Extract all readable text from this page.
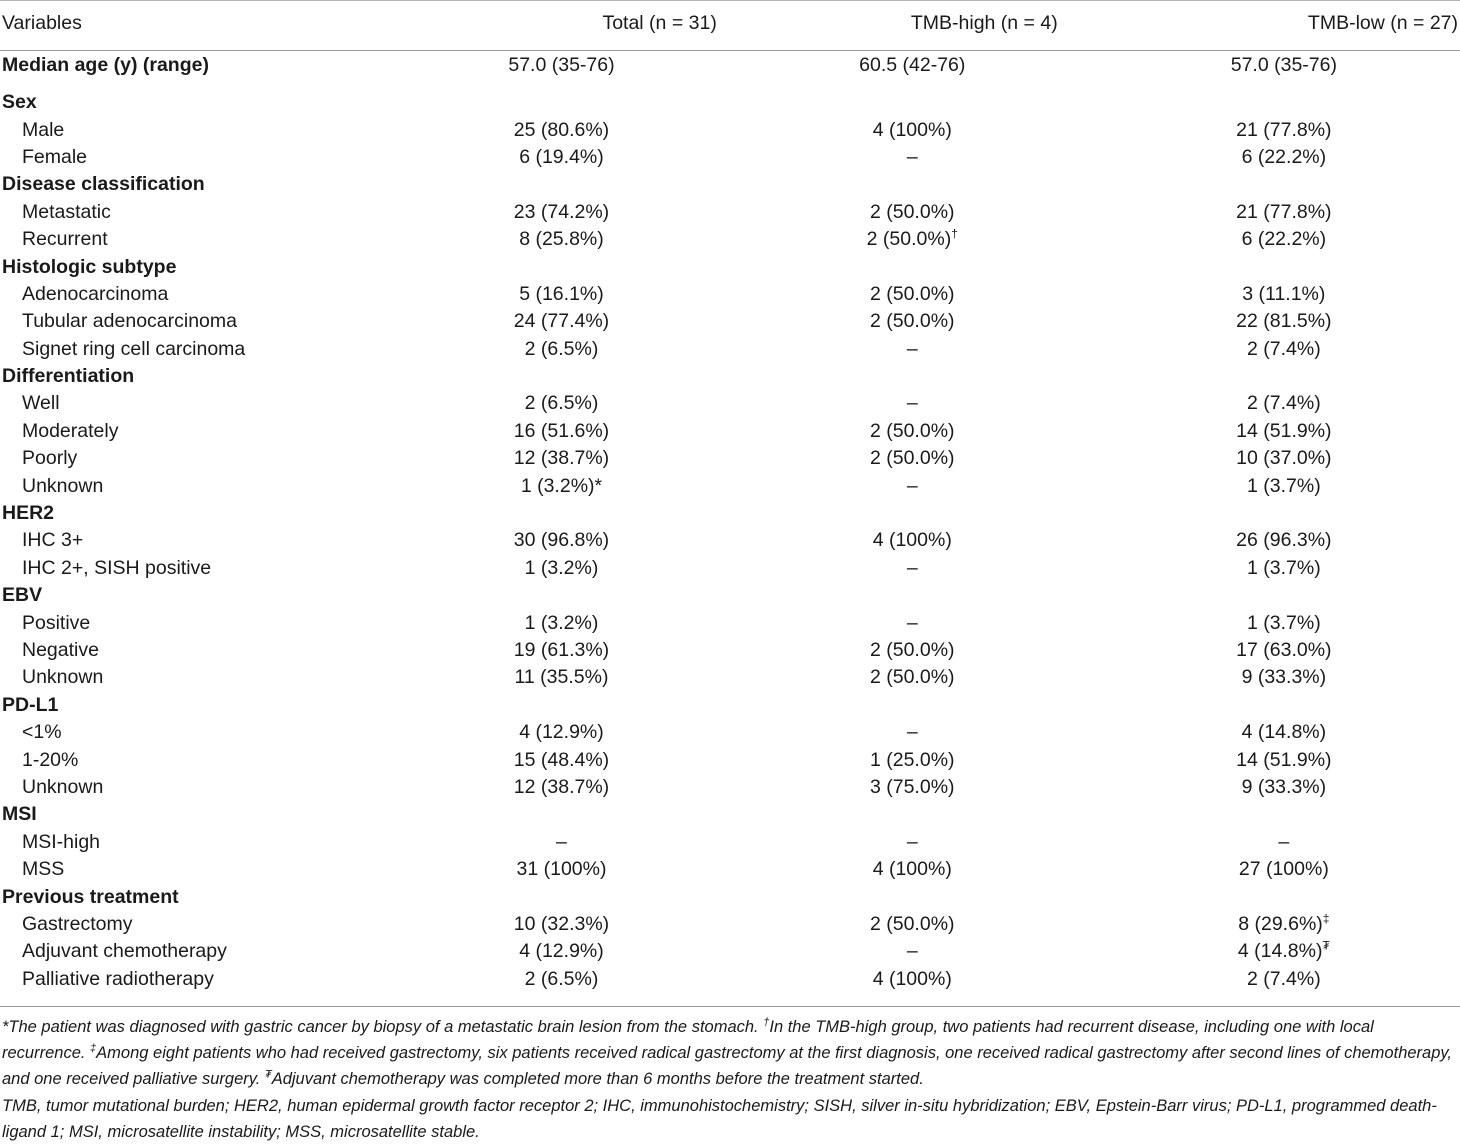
Variables	Total (n = 31)	TMB-high (n = 4)	TMB-low (n = 27)
Median age (y) (range)	57.0 (35-76)	60.5 (42-76)	57.0 (35-76)
Sex			
Male	25 (80.6%)	4 (100%)	21 (77.8%)
Female	6 (19.4%)	–	6 (22.2%)
Disease classification			
Metastatic	23 (74.2%)	2 (50.0%)	21 (77.8%)
Recurrent	8 (25.8%)	2 (50.0%)†	6 (22.2%)
Histologic subtype			
Adenocarcinoma	5 (16.1%)	2 (50.0%)	3 (11.1%)
Tubular adenocarcinoma	24 (77.4%)	2 (50.0%)	22 (81.5%)
Signet ring cell carcinoma	2 (6.5%)	–	2 (7.4%)
Differentiation			
Well	2 (6.5%)	–	2 (7.4%)
Moderately	16 (51.6%)	2 (50.0%)	14 (51.9%)
Poorly	12 (38.7%)	2 (50.0%)	10 (37.0%)
Unknown	1 (3.2%)*	–	1 (3.7%)
HER2			
IHC 3+	30 (96.8%)	4 (100%)	26 (96.3%)
IHC 2+, SISH positive	1 (3.2%)	–	1 (3.7%)
EBV			
Positive	1 (3.2%)	–	1 (3.7%)
Negative	19 (61.3%)	2 (50.0%)	17 (63.0%)
Unknown	11 (35.5%)	2 (50.0%)	9 (33.3%)
PD-L1			
<1%	4 (12.9%)	–	4 (14.8%)
1-20%	15 (48.4%)	1 (25.0%)	14 (51.9%)
Unknown	12 (38.7%)	3 (75.0%)	9 (33.3%)
MSI			
MSI-high	–	–	–
MSS	31 (100%)	4 (100%)	27 (100%)
Previous treatment			
Gastrectomy	10 (32.3%)	2 (50.0%)	8 (29.6%)‡
Adjuvant chemotherapy	4 (12.9%)	–	4 (14.8%)₮
Palliative radiotherapy	2 (6.5%)	4 (100%)	2 (7.4%)

*The patient was diagnosed with gastric cancer by biopsy of a metastatic brain lesion from the stomach. †In the TMB-high group, two patients had recurrent disease, including one with local recurrence. ‡Among eight patients who had received gastrectomy, six patients received radical gastrectomy at the first diagnosis, one received radical gastrectomy after second lines of chemotherapy, and one received palliative surgery. ₮Adjuvant chemotherapy was completed more than 6 months before the treatment started.

TMB, tumor mutational burden; HER2, human epidermal growth factor receptor 2; IHC, immunohistochemistry; SISH, silver in-situ hybridization; EBV, Epstein-Barr virus; PD-L1, programmed death-ligand 1; MSI, microsatellite instability; MSS, microsatellite stable.
